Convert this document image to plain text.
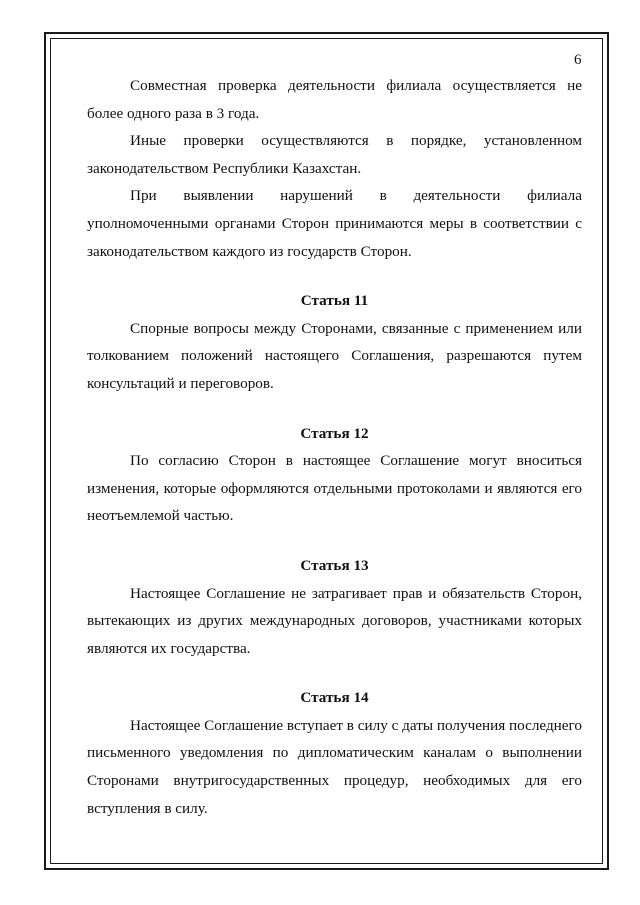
6

Совместная проверка деятельности филиала осуществляется не более одного раза в 3 года.

Иные проверки осуществляются в порядке, установленном законодательством Республики Казахстан.

При выявлении нарушений в деятельности филиала уполномоченными органами Сторон принимаются меры в соответствии с законодательством каждого из государств Сторон.

Статья 11

Спорные вопросы между Сторонами, связанные с применением или толкованием положений настоящего Соглашения, разрешаются путем консультаций и переговоров.

Статья 12

По согласию Сторон в настоящее Соглашение могут вноситься изменения, которые оформляются отдельными протоколами и являются его неотъемлемой частью.

Статья 13

Настоящее Соглашение не затрагивает прав и обязательств Сторон, вытекающих из других международных договоров, участниками которых являются их государства.

Статья 14

Настоящее Соглашение вступает в силу с даты получения последнего письменного уведомления по дипломатическим каналам о выполнении Сторонами внутригосударственных процедур, необходимых для его вступления в силу.
